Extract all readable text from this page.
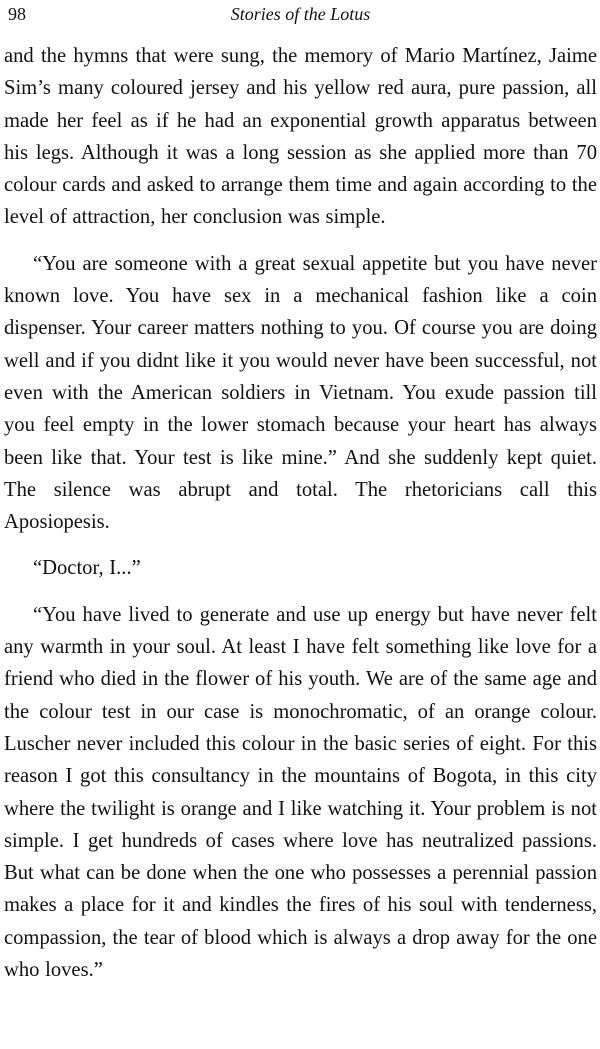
98	Stories of the Lotus

and the hymns that were sung, the memory of Mario Martínez, Jaime Sim’s many coloured jersey and his yellow red aura, pure passion, all made her feel as if he had an exponential growth apparatus between his legs. Although it was a long session as she applied more than 70 colour cards and asked to arrange them time and again according to the level of attraction, her conclusion was simple.

“You are someone with a great sexual appetite but you have never known love. You have sex in a mechanical fashion like a coin dispenser. Your career matters nothing to you. Of course you are doing well and if you didnt like it you would never have been successful, not even with the American soldiers in Vietnam. You exude passion till you feel empty in the lower stomach because your heart has always been like that. Your test is like mine.” And she suddenly kept quiet. The silence was abrupt and total. The rhetoricians call this Aposiopesis.

“Doctor, I...”

“You have lived to generate and use up energy but have never felt any warmth in your soul. At least I have felt something like love for a friend who died in the flower of his youth. We are of the same age and the colour test in our case is monochromatic, of an orange colour. Luscher never included this colour in the basic series of eight. For this reason I got this consultancy in the mountains of Bogota, in this city where the twilight is orange and I like watching it. Your problem is not simple. I get hundreds of cases where love has neutralized passions. But what can be done when the one who possesses a perennial passion makes a place for it and kindles the fires of his soul with tenderness, compassion, the tear of blood which is always a drop away for the one who loves.”
